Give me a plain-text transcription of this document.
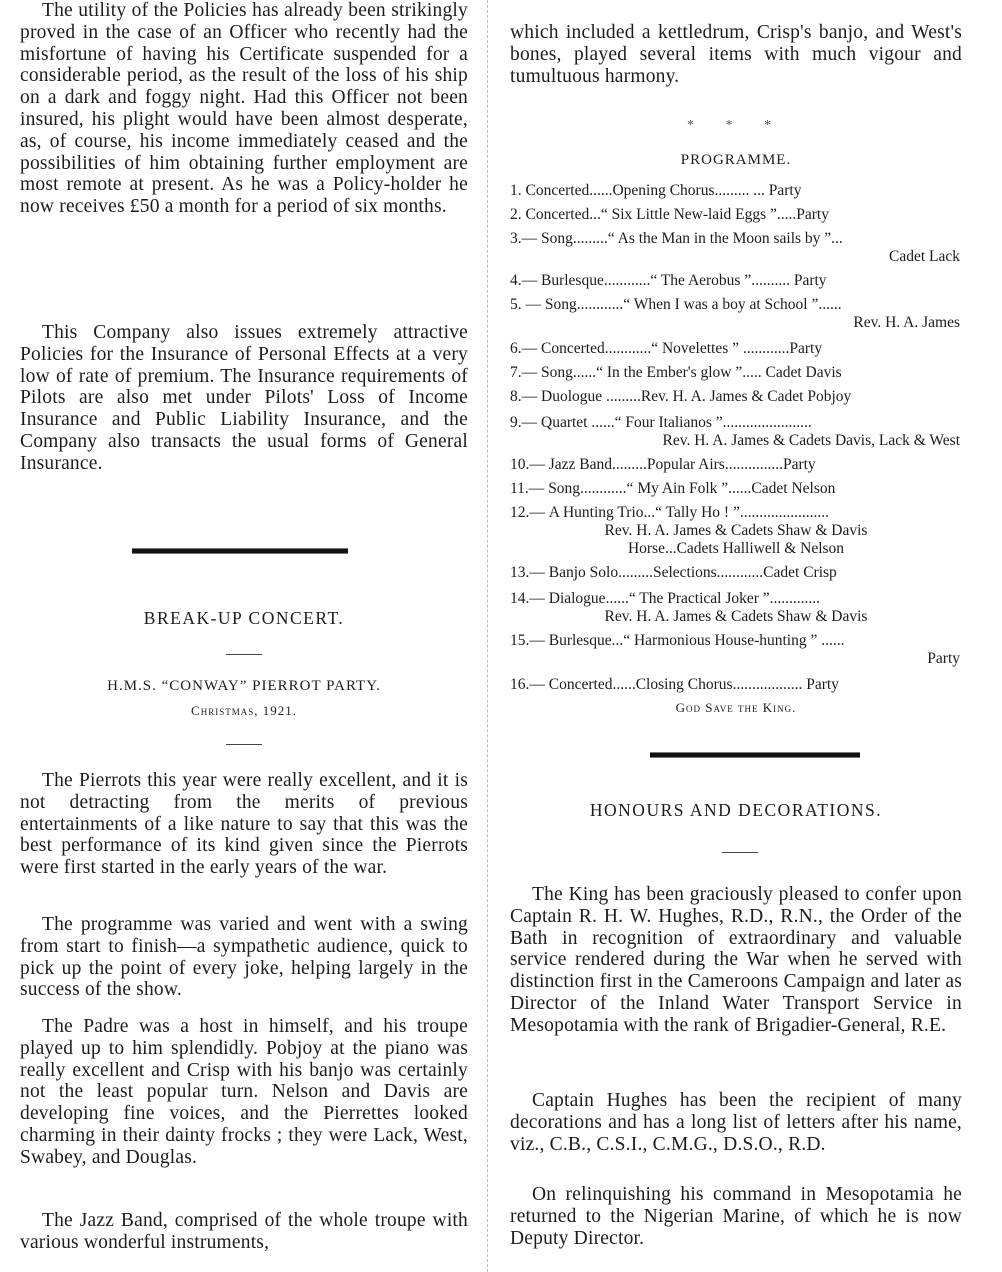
The utility of the Policies has already been strikingly proved in the case of an Officer who recently had the misfortune of having his Certificate suspended for a considerable period, as the result of the loss of his ship on a dark and foggy night. Had this Officer not been insured, his plight would have been almost desperate, as, of course, his income immediately ceased and the possibilities of him obtaining further employment are most remote at present. As he was a Policy-holder he now receives £50 a month for a period of six months.

This Company also issues extremely attractive Policies for the Insurance of Personal Effects at a very low of rate of premium. The Insurance requirements of Pilots are also met under Pilots' Loss of Income Insurance and Public Liability Insurance, and the Company also transacts the usual forms of General Insurance.

BREAK-UP CONCERT.
H.M.S. “CONWAY” PIERROT PARTY.
Christmas, 1921.

The Pierrots this year were really excellent, and it is not detracting from the merits of previous entertainments of a like nature to say that this was the best performance of its kind given since the Pierrots were first started in the early years of the war.

The programme was varied and went with a swing from start to finish—a sympathetic audience, quick to pick up the point of every joke, helping largely in the success of the show.

The Padre was a host in himself, and his troupe played up to him splendidly. Pobjoy at the piano was really excellent and Crisp with his banjo was certainly not the least popular turn. Nelson and Davis are developing fine voices, and the Pierrettes looked charming in their dainty frocks ; they were Lack, West, Swabey, and Douglas.

The Jazz Band, comprised of the whole troupe with various wonderful instruments,

which included a kettledrum, Crisp's banjo, and West's bones, played several items with much vigour and tumultuous harmony.

* * *
PROGRAMME.
1.
Concerted......Opening Chorus......... ... Party
2.
Concerted...“ Six Little New-laid Eggs ”.....Party
3.—
Song.........“ As the Man in the Moon sails by ”...
Cadet Lack
4.—
Burlesque............“ The Aerobus ”.......... Party
5. —
Song............“ When I was a boy at School ”......
Rev. H. A. James
6.—
Concerted............“ Novelettes ” ............Party
7.—
Song......“ In the Ember's glow ”..... Cadet Davis
8.—
Duologue .........Rev. H. A. James & Cadet Pobjoy
9.—
Quartet ......“ Four Italianos ”.......................
Rev. H. A. James & Cadets Davis, Lack & West
10.—
Jazz Band.........Popular Airs...............Party
11.—
Song............“ My Ain Folk ”......Cadet Nelson
12.—
A Hunting Trio...“ Tally Ho ! ”.......................
Rev. H. A. James & Cadets Shaw & Davis
Horse...Cadets Halliwell & Nelson
13.—
Banjo Solo.........Selections............Cadet Crisp
14.—
Dialogue......“ The Practical Joker ”.............
Rev. H. A. James & Cadets Shaw & Davis
15.—
Burlesque...“ Harmonious House-hunting ” ......
Party
16.—
Concerted......Closing Chorus.................. Party
God Save the King.
HONOURS AND DECORATIONS.

The King has been graciously pleased to confer upon Captain R. H. W. Hughes, R.D., R.N., the Order of the Bath in recognition of extraordinary and valuable service rendered during the War when he served with distinction first in the Cameroons Campaign and later as Director of the Inland Water Transport Service in Mesopotamia with the rank of Brigadier-General, R.E.

Captain Hughes has been the recipient of many decorations and has a long list of letters after his name, viz., C.B., C.S.I., C.M.G., D.S.O., R.D.

On relinquishing his command in Mesopotamia he returned to the Nigerian Marine, of which he is now Deputy Director.
